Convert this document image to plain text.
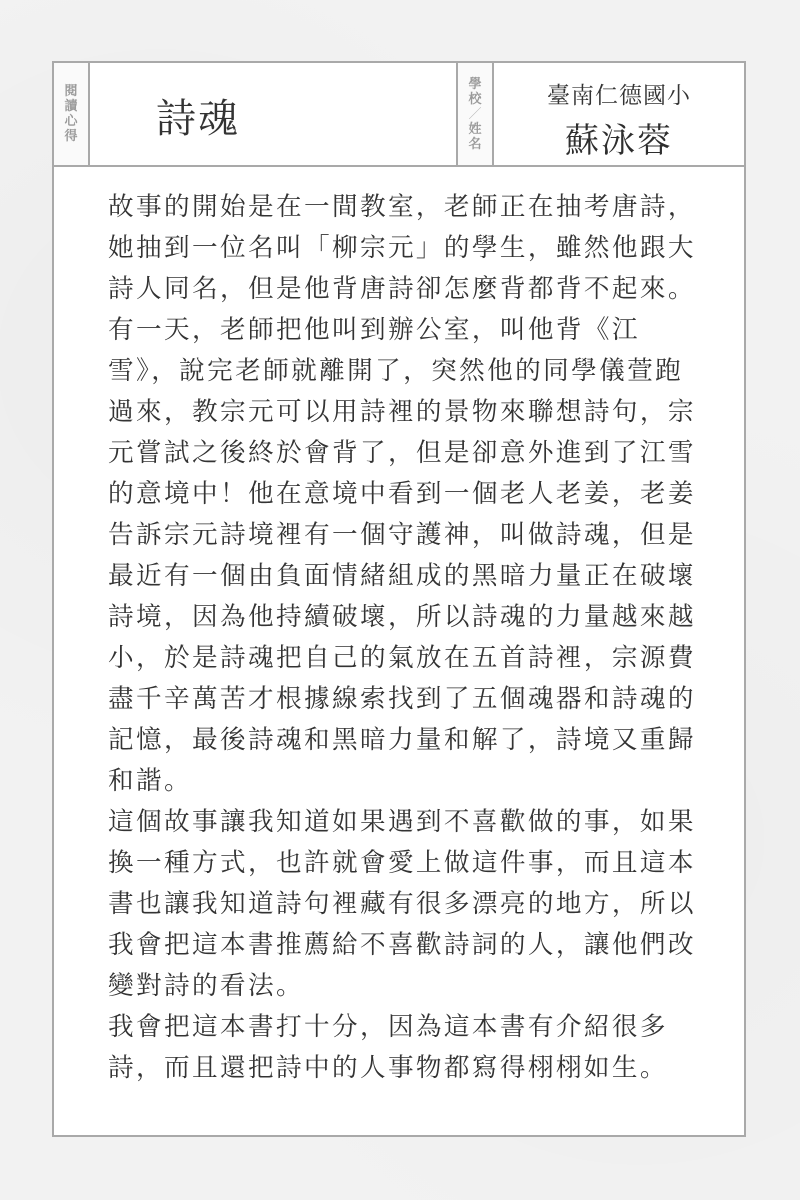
閱
讀
心
得 詩魂
學
校
／
姓
名
臺南仁德國小
蘇泳蓉

故事的開始是在一間教室，老師正在抽考唐詩，她抽到一位名叫「柳宗元」的學生，雖然他跟大詩人同名，但是他背唐詩卻怎麼背都背不起來。

有一天，老師把他叫到辦公室，叫他背《江雪》，說完老師就離開了，突然他的同學儀萱跑過來，教宗元可以用詩裡的景物來聯想詩句，宗元嘗試之後終於會背了，但是卻意外進到了江雪的意境中！他在意境中看到一個老人老姜，老姜告訴宗元詩境裡有一個守護神，叫做詩魂，但是最近有一個由負面情緒組成的黑暗力量正在破壞詩境，因為他持續破壞，所以詩魂的力量越來越小，於是詩魂把自己的氣放在五首詩裡，宗源費盡千辛萬苦才根據線索找到了五個魂器和詩魂的記憶，最後詩魂和黑暗力量和解了，詩境又重歸和諧。

這個故事讓我知道如果遇到不喜歡做的事，如果換一種方式，也許就會愛上做這件事，而且這本書也讓我知道詩句裡藏有很多漂亮的地方，所以我會把這本書推薦給不喜歡詩詞的人，讓他們改變對詩的看法。

我會把這本書打十分，因為這本書有介紹很多詩，而且還把詩中的人事物都寫得栩栩如生。
